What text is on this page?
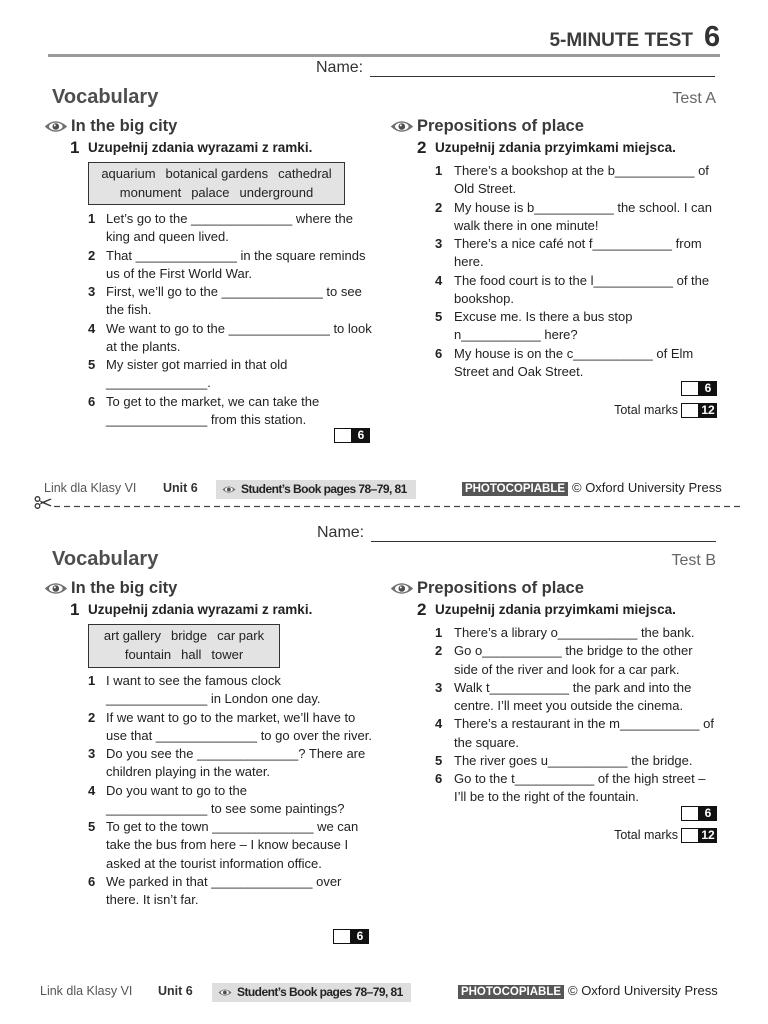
5-MINUTE TEST 6
Name:
Vocabulary	Test A
In the big city
1 Uzupełnij zdania wyrazami z ramki.
aquarium botanical gardens cathedral
monument palace underground
1 Let’s go to the ______________ where the
king and queen lived.
2 That ______________ in the square reminds
us of the First World War.
3 First, we’ll go to the ______________ to see
the fish.
4 We want to go to the ______________ to look
at the plants.
5 My sister got married in that old
______________.
6 To get to the market, we can take the
______________ from this station.
6
Prepositions of place
2 Uzupełnij zdania przyimkami miejsca.
1 There’s a bookshop at the b___________ of
Old Street.
2 My house is b___________ the school. I can
walk there in one minute!
3 There’s a nice café not f___________ from
here.
4 The food court is to the l___________ of the
bookshop.
5 Excuse me. Is there a bus stop
n___________ here?
6 My house is on the c___________ of Elm
Street and Oak Street.
6
Total marks 12
Link dla Klasy VI Unit 6	Student’s Book pages 78–79, 81	PHOTOCOPIABLE © Oxford University Press
Name:
Vocabulary	Test B
In the big city
1 Uzupełnij zdania wyrazami z ramki.
art gallery bridge car park
fountain hall tower
1 I want to see the famous clock
______________ in London one day.
2 If we want to go to the market, we’ll have to
use that ______________ to go over the river.
3 Do you see the ______________? There are
children playing in the water.
4 Do you want to go to the
______________ to see some paintings?
5 To get to the town ______________ we can
take the bus from here – I know because I
asked at the tourist information office.
6 We parked in that ______________ over
there. It isn’t far.
6
Prepositions of place
2 Uzupełnij zdania przyimkami miejsca.
1 There’s a library o___________ the bank.
2 Go o___________ the bridge to the other
side of the river and look for a car park.
3 Walk t___________ the park and into the
centre. I’ll meet you outside the cinema.
4 There’s a restaurant in the m___________ of
the square.
5 The river goes u___________ the bridge.
6 Go to the t___________ of the high street –
I’ll be to the right of the fountain.
6
Total marks 12
Link dla Klasy VI Unit 6	Student’s Book pages 78–79, 81	PHOTOCOPIABLE © Oxford University Press
